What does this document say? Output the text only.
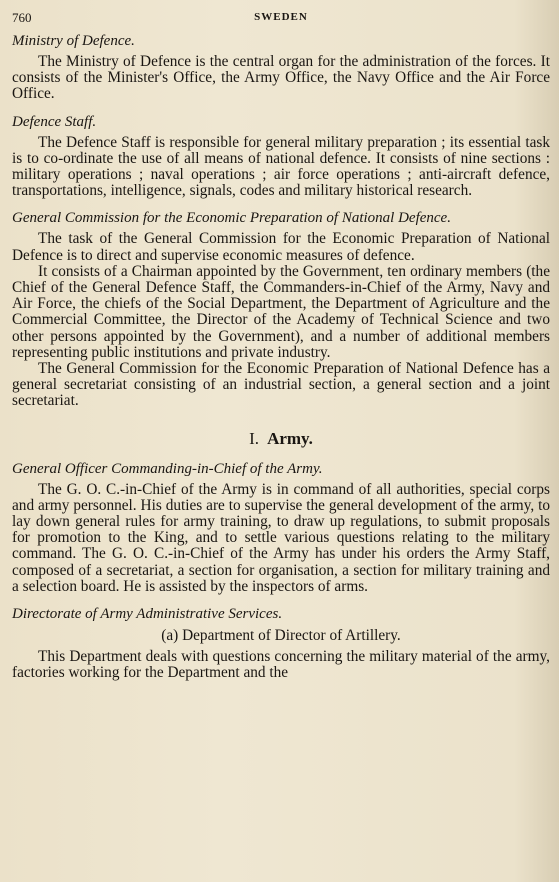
760	SWEDEN
Ministry of Defence.

The Ministry of Defence is the central organ for the administration of the forces. It consists of the Minister's Office, the Army Office, the Navy Office and the Air Force Office.

Defence Staff.

The Defence Staff is responsible for general military preparation ; its essential task is to co-ordinate the use of all means of national defence. It consists of nine sections : military operations ; naval operations ; air force operations ; anti-aircraft defence, transportations, intelligence, signals, codes and military historical research.

General Commission for the Economic Preparation of National Defence.

The task of the General Commission for the Economic Preparation of National Defence is to direct and supervise economic measures of defence.

It consists of a Chairman appointed by the Government, ten ordinary members (the Chief of the General Defence Staff, the Commanders-in-Chief of the Army, Navy and Air Force, the chiefs of the Social Department, the Department of Agriculture and the Commercial Committee, the Director of the Academy of Technical Science and two other persons appointed by the Government), and a number of additional members representing public institutions and private industry.

The General Commission for the Economic Preparation of National Defence has a general secretariat consisting of an industrial section, a general section and a joint secretariat.

I. Army.
General Officer Commanding-in-Chief of the Army.

The G. O. C.-in-Chief of the Army is in command of all authorities, special corps and army personnel. His duties are to supervise the general development of the army, to lay down general rules for army training, to draw up regulations, to submit proposals for promotion to the King, and to settle various questions relating to the military command. The G. O. C.-in-Chief of the Army has under his orders the Army Staff, composed of a secretariat, a section for organisation, a section for military training and a selection board. He is assisted by the inspectors of arms.

Directorate of Army Administrative Services.
(a) Department of Director of Artillery.

This Department deals with questions concerning the military material of the army, factories working for the Department and the
